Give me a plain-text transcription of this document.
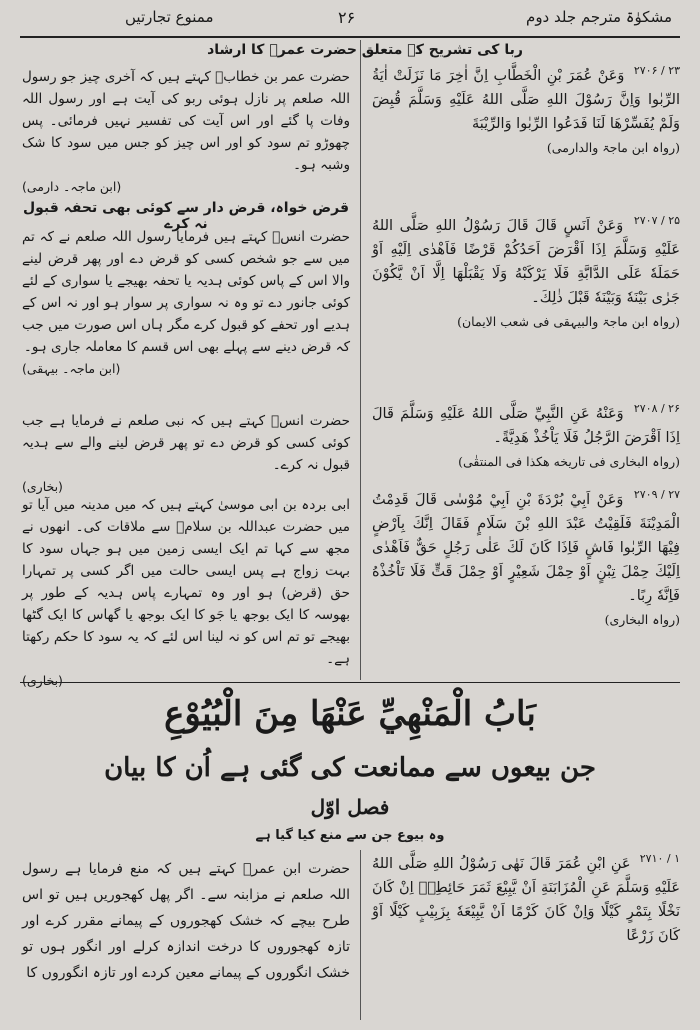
مشکوٰۃ مترجم جلد دوم
۲۶
ممنوع تجارتیں
ربا کی تشریح کے متعلق حضرت عمرؓ کا ارشاد
۲۷۰۶ / ۲۳ وَعَنْ عُمَرَ بْنِ الْخَطَّابِ اِنَّ اٰخِرَ مَا نَزَلَتْ اٰیَةُ الرِّبٰوا وَاِنَّ رَسُوْلَ اللهِ صَلَّى اللهُ عَلَيْهِ وَسَلَّمَ قُبِضَ وَلَمْ يُفَسِّرْهَا لَنَا فَدَعُوا الرِّبٰوا وَالرِّيْبَةَ
(رواہ ابن ماجۃ والدارمی)
حضرت عمر بن خطابؓ کہتے ہیں کہ آخری چیز جو رسول اللہ صلعم پر نازل ہوئی ربو کی آیت ہے اور رسول اللہ وفات پا گئے اور اس آیت کی تفسیر نہیں فرمائی۔ پس چھوڑو تم سود کو اور اس چیز کو جس میں سود کا شک وشبہ ہو۔
(ابن ماجہ۔ دارمی)
قرض خواہ، قرض دار سے کوئی بھی تحفہ قبول نہ کرے	۲۷۰۷ / ۲۵ وَعَنْ اَنَسٍ قَالَ قَالَ رَسُوْلُ اللهِ صَلَّى اللهُ عَلَيْهِ وَسَلَّمَ اِذَا اَقْرَضَ اَحَدُكُمْ قَرْضًا فَاَهْدٰى اِلَيْهِ اَوْ حَمَلَهٗ عَلَى الدَّابَّةِ فَلَا يَرْكَبْهُ وَلَا يَقْبَلْهَا اِلَّا اَنْ يَّكُوْنَ جَرٰى بَيْنَهٗ وَبَيْنَهٗ قَبْلَ ذٰلِكَ۔
(رواہ ابن ماجۃ والبیہقی فی شعب الایمان)
حضرت انسؓ کہتے ہیں فرمایا رسول اللہ صلعم نے کہ تم میں سے جو شخص کسی کو قرض دے اور پھر قرض لینے والا اس کے پاس کوئی ہدیہ یا تحفہ بھیجے یا سواری کے لئے کوئی جانور دے تو وہ نہ سواری پر سوار ہو اور نہ اس کے ہدیے اور تحفے کو قبول کرے مگر ہاں اس صورت میں جب کہ قرض دینے سے پہلے بھی اس قسم کا معاملہ جاری ہو۔
(ابن ماجہ۔ بیہقی)
۲۷۰۸ / ۲۶ وَعَنْهُ عَنِ النَّبِيِّ صَلَّى اللهُ عَلَيْهِ وَسَلَّمَ قَالَ اِذَا اَقْرَضَ الرَّجُلُ فَلَا يَاْخُذْ هَدِيَّةً۔
(رواہ البخاری فی تاریخه هكذا فی المنتقٰی)
حضرت انسؓ کہتے ہیں کہ نبی صلعم نے فرمایا ہے جب کوئی کسی کو قرض دے تو پھر قرض لینے والے سے ہدیہ قبول نہ کرے۔
(بخاری)
۲۷۰۹ / ۲۷ وَعَنْ اَبِيْ بُرْدَةَ بْنِ اَبِيْ مُوْسٰى قَالَ قَدِمْتُ الْمَدِيْنَةَ فَلَقِيْتُ عَبْدَ اللهِ بْنَ سَلَامٍ فَقَالَ اِنَّكَ بِاَرْضٍ فِيْهَا الرِّبٰوا فَاشٍ فَاِذَا كَانَ لَكَ عَلٰى رَجُلٍ حَقٌّ فَاَهْدٰى اِلَيْكَ حِمْلَ تِبْنٍ اَوْ حِمْلَ شَعِيْرٍ اَوْ حِمْلَ قَتٍّ فَلَا تَاْخُذْهُ فَاِنَّهٗ رِبًا۔
(رواہ البخاری)
ابی بردہ بن ابی موسیٰ کہتے ہیں کہ میں مدینہ میں آیا تو میں حضرت عبداللہ بن سلامؓ سے ملاقات کی۔ انھوں نے مجھ سے کہا تم ایک ایسی زمین میں ہو جہاں سود کا بہت زواج ہے پس ایسی حالت میں اگر کسی پر تمہارا حق (قرض) ہو اور وہ تمہارے پاس ہدیہ کے طور پر بھوسہ کا ایک بوجھ یا جَو کا ایک بوجھ یا گھاس کا ایک گٹھا بھیجے تو تم اس کو نہ لینا اس لئے کہ یہ سود کا حکم رکھتا ہے۔
(بخاری)
بَابُ الْمَنْهِيِّ عَنْهَا مِنَ الْبُيُوْعِ
جن بیعوں سے ممانعت کی گئی ہے اُن کا بیان
فصل اوّل
وہ بیوع جن سے منع کیا گیا ہے
۲۷۱۰ / ۱ عَنِ ابْنِ عُمَرَ قَالَ نَهٰى رَسُوْلُ اللهِ صَلَّى اللهُ عَلَيْهِ وَسَلَّمَ عَنِ الْمُزَابَنَةِ اَنْ يَّبِيْعَ ثَمَرَ حَائِطِهٖ اِنْ كَانَ نَخْلًا بِتَمْرٍ كَيْلًا وَاِنْ كَانَ كَرْمًا اَنْ يَّبِيْعَهٗ بِزَبِيْبٍ كَيْلًا اَوْ كَانَ زَرْعًا
حضرت ابن عمرؓ کہتے ہیں کہ منع فرمایا ہے رسول اللہ صلعم نے مزابنہ سے۔ اگر پھل کھجوریں ہیں تو اس طرح بیچے کہ خشک کھجوروں کے پیمانے مقرر کرے اور تازہ کھجوروں کا درخت اندازہ کرلے اور انگور ہوں تو خشک انگوروں کے پیمانے معین کردے اور تازہ انگوروں کا
